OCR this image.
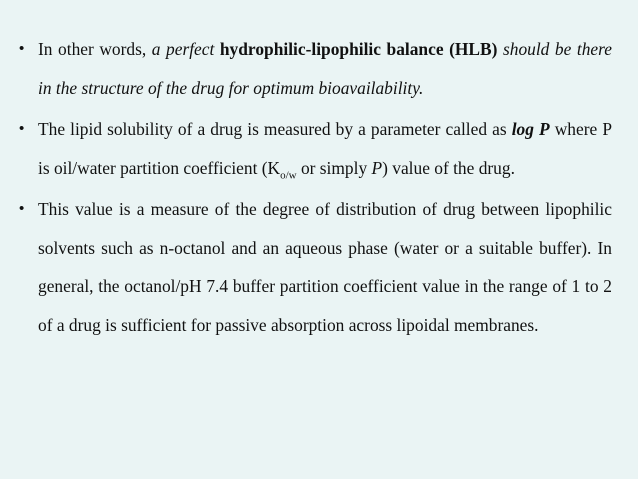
• In other words, a perfect hydrophilic-lipophilic balance (HLB) should be there in the structure of the drug for optimum bioavailability.
• The lipid solubility of a drug is measured by a parameter called as log P where P is oil/water partition coefficient ($K_{o/w}$ or simply P) value of the drug.
• This value is a measure of the degree of distribution of drug between lipophilic solvents such as n-octanol and an aqueous phase (water or a suitable buffer). In general, the octanol/pH 7.4 buffer partition coefficient value in the range of 1 to 2 of a drug is sufficient for passive absorption across lipoidal membranes.
